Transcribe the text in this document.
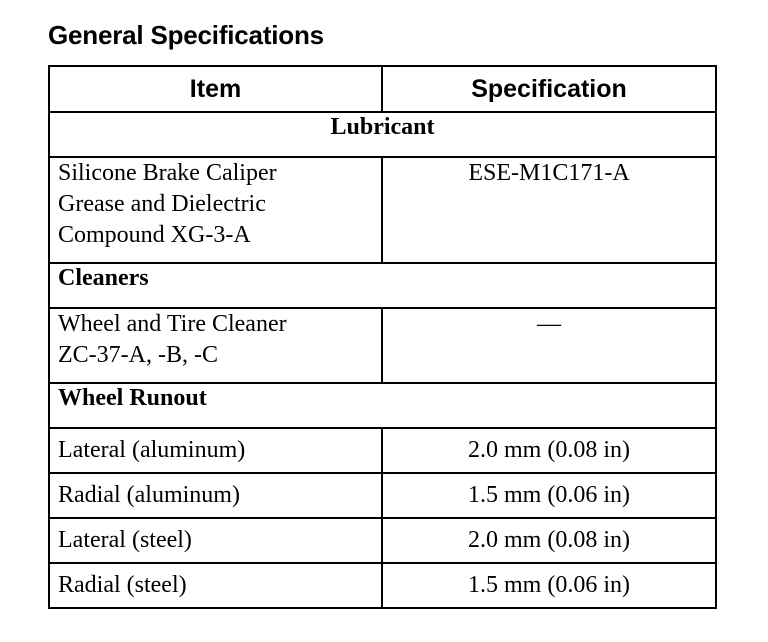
General Specifications
Item	Specification
Lubricant	
Silicone Brake Caliper
Grease and Dielectric
Compound XG-3-A	ESE-M1C171-A
Cleaners	
Wheel and Tire Cleaner
ZC-37-A, -B, -C	—
Wheel Runout	
Lateral (aluminum)	2.0 mm (0.08 in)
Radial (aluminum)	1.5 mm (0.06 in)
Lateral (steel)	2.0 mm (0.08 in)
Radial (steel)	1.5 mm (0.06 in)
